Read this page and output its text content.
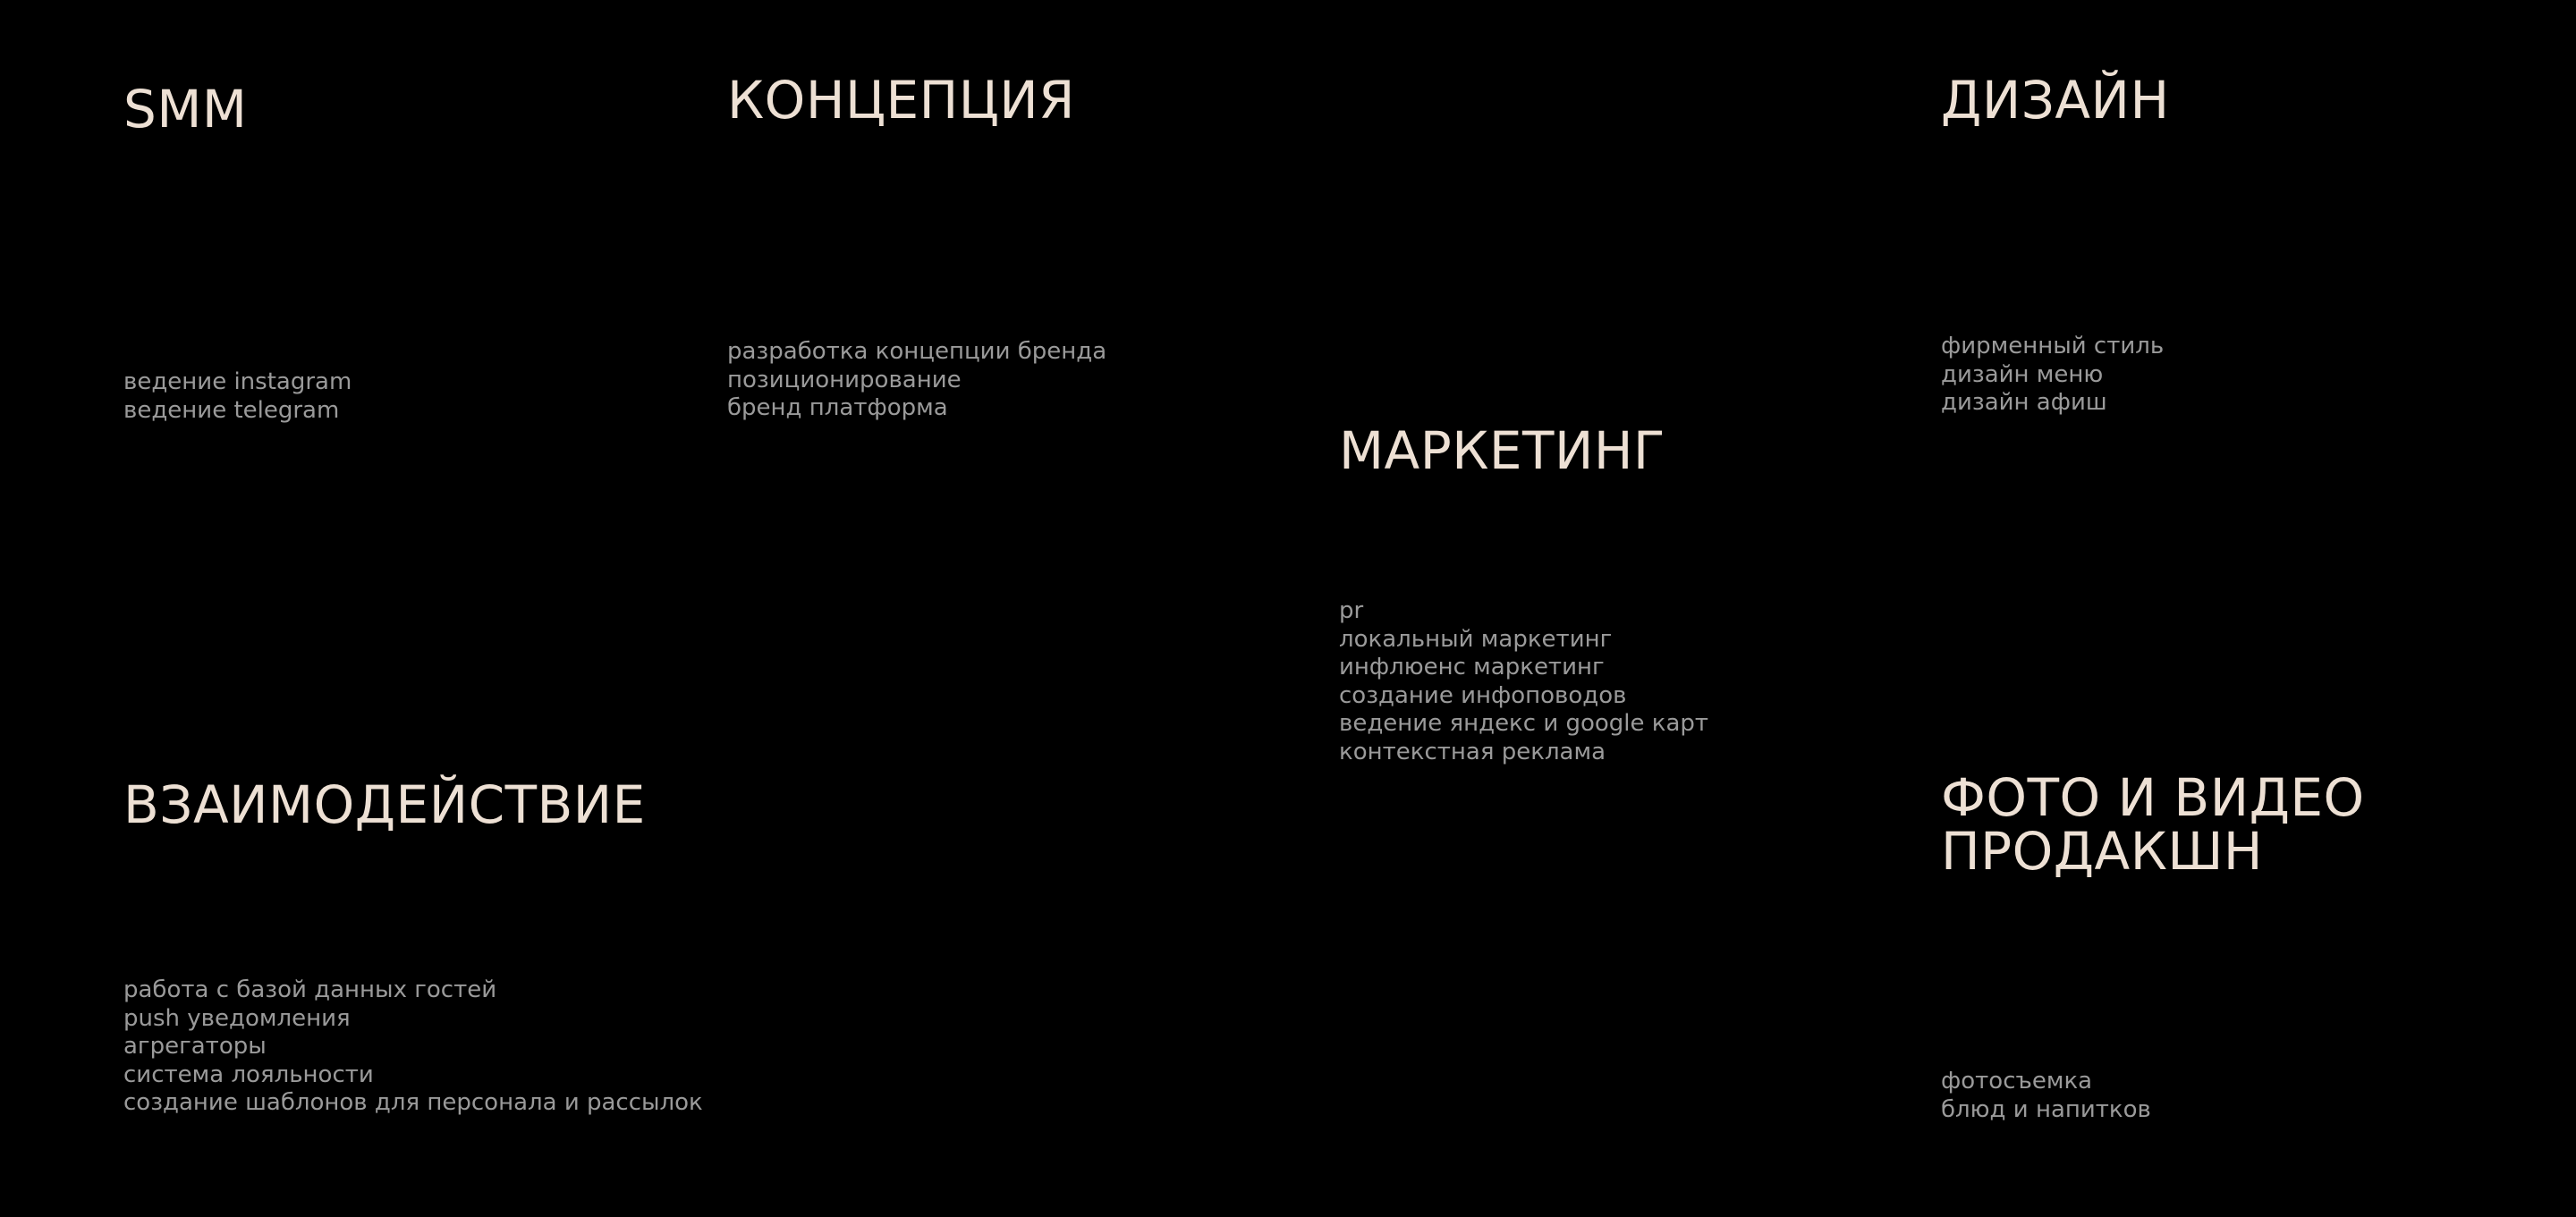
SMM
ведение instagram
ведение telegram
КОНЦЕПЦИЯ
разработка концепции бренда
позиционирование
бренд платформа
ДИЗАЙН
фирменный стиль
дизайн меню
дизайн афиш
МАРКЕТИНГ
pr
локальный маркетинг
инфлюенс маркетинг
создание инфоповодов
ведение яндекс и google карт
контекстная реклама
ВЗАИМОДЕЙСТВИЕ
работа с базой данных гостей
push уведомления
агрегаторы
система лояльности
создание шаблонов для персонала и рассылок
ФОТО И ВИДЕО
ПРОДАКШН
фотосъемка
блюд и напитков
